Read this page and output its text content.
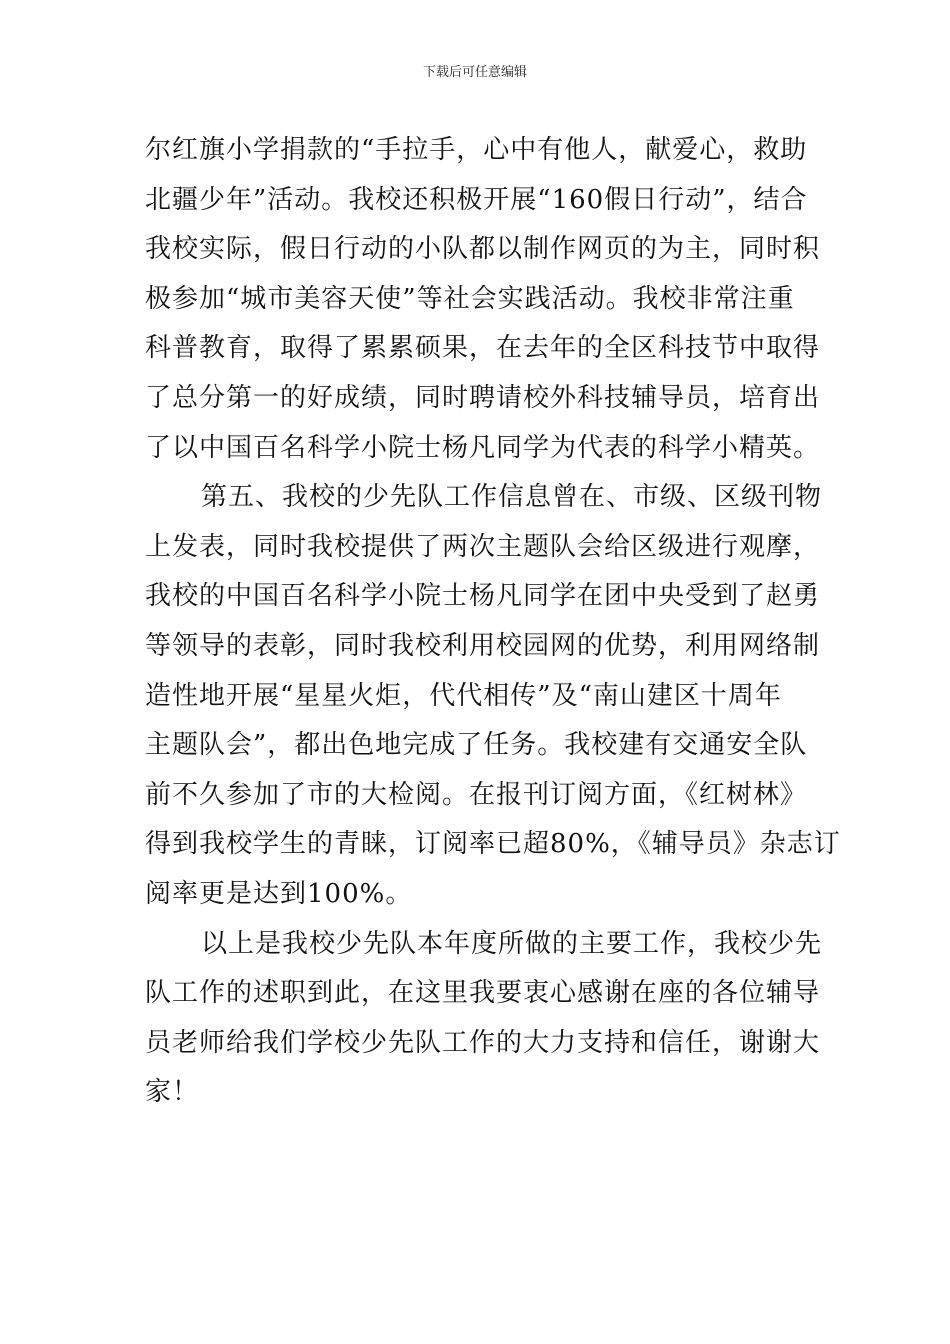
下载后可任意编辑
尔红旗小学捐款的“手拉手，心中有他人，献爱心，救助
北疆少年”活动。我校还积极开展“160假日行动”，结合
我校实际，假日行动的小队都以制作网页的为主，同时积
极参加“城市美容天使”等社会实践活动。我校非常注重
科普教育，取得了累累硕果，在去年的全区科技节中取得
了总分第一的好成绩，同时聘请校外科技辅导员，培育出
了以中国百名科学小院士杨凡同学为代表的科学小精英。
第五、我校的少先队工作信息曾在、市级、区级刊物
上发表，同时我校提供了两次主题队会给区级进行观摩，
我校的中国百名科学小院士杨凡同学在团中央受到了赵勇
等领导的表彰，同时我校利用校园网的优势，利用网络制
造性地开展“星星火炬，代代相传”及“南山建区十周年
主题队会”，都出色地完成了任务。我校建有交通安全队
前不久参加了市的大检阅。在报刊订阅方面，《红树林》
得到我校学生的青睐，订阅率已超80%，《辅导员》杂志订
阅率更是达到100%。
以上是我校少先队本年度所做的主要工作，我校少先
队工作的述职到此，在这里我要衷心感谢在座的各位辅导
员老师给我们学校少先队工作的大力支持和信任，谢谢大
家！
